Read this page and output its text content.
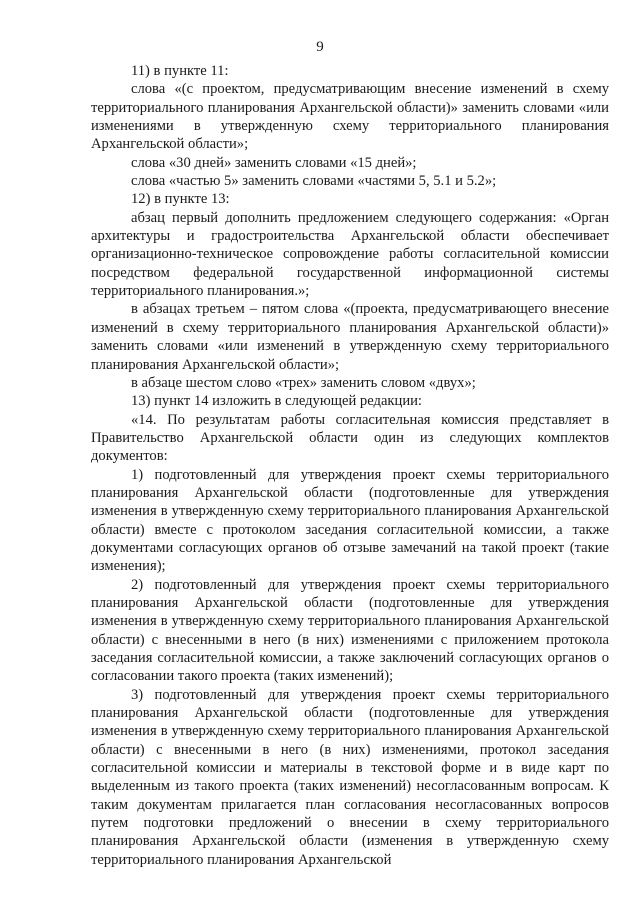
9

11) в пункте 11:

слова «(с проектом, предусматривающим внесение изменений в схему территориального планирования Архангельской области)» заменить словами «или изменениями в утвержденную схему территориального планирования Архангельской области»;

слова «30 дней» заменить словами «15 дней»;

слова «частью 5» заменить словами «частями 5, 5.1 и 5.2»;

12) в пункте 13:

абзац первый дополнить предложением следующего содержания: «Орган архитектуры и градостроительства Архангельской области обеспечивает организационно-техническое сопровождение работы согласительной комиссии посредством федеральной государственной информационной системы территориального планирования.»;

в абзацах третьем – пятом слова «(проекта, предусматривающего внесение изменений в схему территориального планирования Архангельской области)» заменить словами «или изменений в утвержденную схему территориального планирования Архангельской области»;

в абзаце шестом слово «трех» заменить словом «двух»;

13) пункт 14 изложить в следующей редакции:

«14. По результатам работы согласительная комиссия представляет в Правительство Архангельской области один из следующих комплектов документов:

1) подготовленный для утверждения проект схемы территориального планирования Архангельской области (подготовленные для утверждения изменения в утвержденную схему территориального планирования Архангельской области) вместе с протоколом заседания согласительной комиссии, а также документами согласующих органов об отзыве замечаний на такой проект (такие изменения);

2) подготовленный для утверждения проект схемы территориального планирования Архангельской области (подготовленные для утверждения изменения в утвержденную схему территориального планирования Архангельской области) с внесенными в него (в них) изменениями с приложением протокола заседания согласительной комиссии, а также заключений согласующих органов о согласовании такого проекта (таких изменений);

3) подготовленный для утверждения проект схемы территориального планирования Архангельской области (подготовленные для утверждения изменения в утвержденную схему территориального планирования Архангельской области) с внесенными в него (в них) изменениями, протокол заседания согласительной комиссии и материалы в текстовой форме и в виде карт по выделенным из такого проекта (таких изменений) несогласованным вопросам. К таким документам прилагается план согласования несогласованных вопросов путем подготовки предложений о внесении в схему территориального планирования Архангельской области (изменения в утвержденную схему территориального планирования Архангельской
